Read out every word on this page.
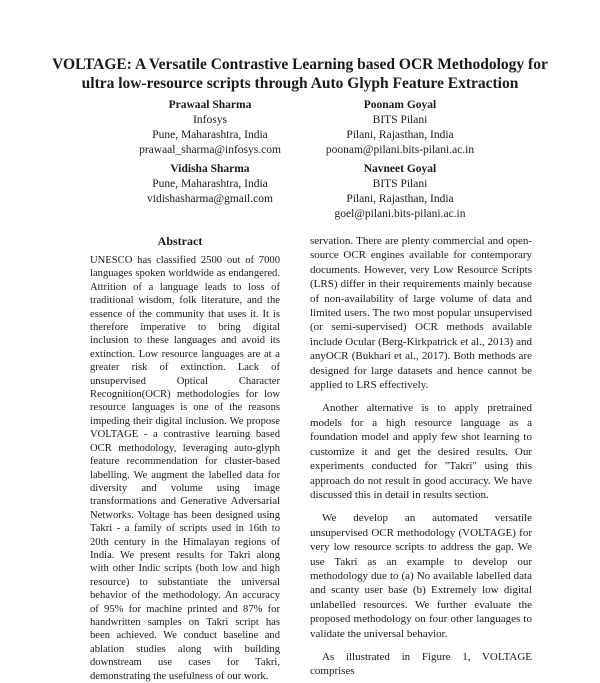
VOLTAGE: A Versatile Contrastive Learning based OCR Methodology for
ultra low-resource scripts through Auto Glyph Feature Extraction
Prawaal Sharma
Infosys
Pune, Maharashtra, India
prawaal_sharma@infosys.com
Poonam Goyal
BITS Pilani
Pilani, Rajasthan, India
poonam@pilani.bits-pilani.ac.in
Vidisha Sharma
Pune, Maharashtra, India
vidishasharma@gmail.com
Navneet Goyal
BITS Pilani
Pilani, Rajasthan, India
goel@pilani.bits-pilani.ac.in
Abstract

UNESCO has classified 2500 out of 7000 languages spoken worldwide as endangered. Attrition of a language leads to loss of traditional wisdom, folk literature, and the essence of the community that uses it. It is therefore imperative to bring digital inclusion to these languages and avoid its extinction. Low resource languages are at a greater risk of extinction. Lack of unsupervised Optical Character Recognition(OCR) methodologies for low resource languages is one of the reasons impeding their digital inclusion. We propose VOLTAGE - a contrastive learning based OCR methodology, leveraging auto-glyph feature recommendation for cluster-based labelling. We augment the labelled data for diversity and volume using image transformations and Generative Adversarial Networks. Voltage has been designed using Takri - a family of scripts used in 16th to 20th century in the Himalayan regions of India. We present results for Takri along with other Indic scripts (both low and high resource) to substantiate the universal behavior of the methodology. An accuracy of 95% for machine printed and 87% for handwritten samples on Takri script has been achieved. We conduct baseline and ablation studies along with building downstream use cases for Takri, demonstrating the usefulness of our work.

servation. There are plenty commercial and open-source OCR engines available for contemporary documents. However, very Low Resource Scripts (LRS) differ in their requirements mainly because of non-availability of large volume of data and limited users. The two most popular unsupervised (or semi-supervised) OCR methods available include Ocular (Berg-Kirkpatrick et al., 2013) and anyOCR (Bukhari et al., 2017). Both methods are designed for large datasets and hence cannot be applied to LRS effectively.

Another alternative is to apply pretrained models for a high resource language as a foundation model and apply few shot learning to customize it and get the desired results. Our experiments conducted for "Takri" using this approach do not result in good accuracy. We have discussed this in detail in results section.

We develop an automated versatile unsupervised OCR methodology (VOLTAGE) for very low resource scripts to address the gap. We use Takri as an example to develop our methodology due to (a) No available labelled data and scanty user base (b) Extremely low digital unlabelled resources. We further evaluate the proposed methodology on four other languages to validate the universal behavior.

As illustrated in Figure 1, VOLTAGE comprises
